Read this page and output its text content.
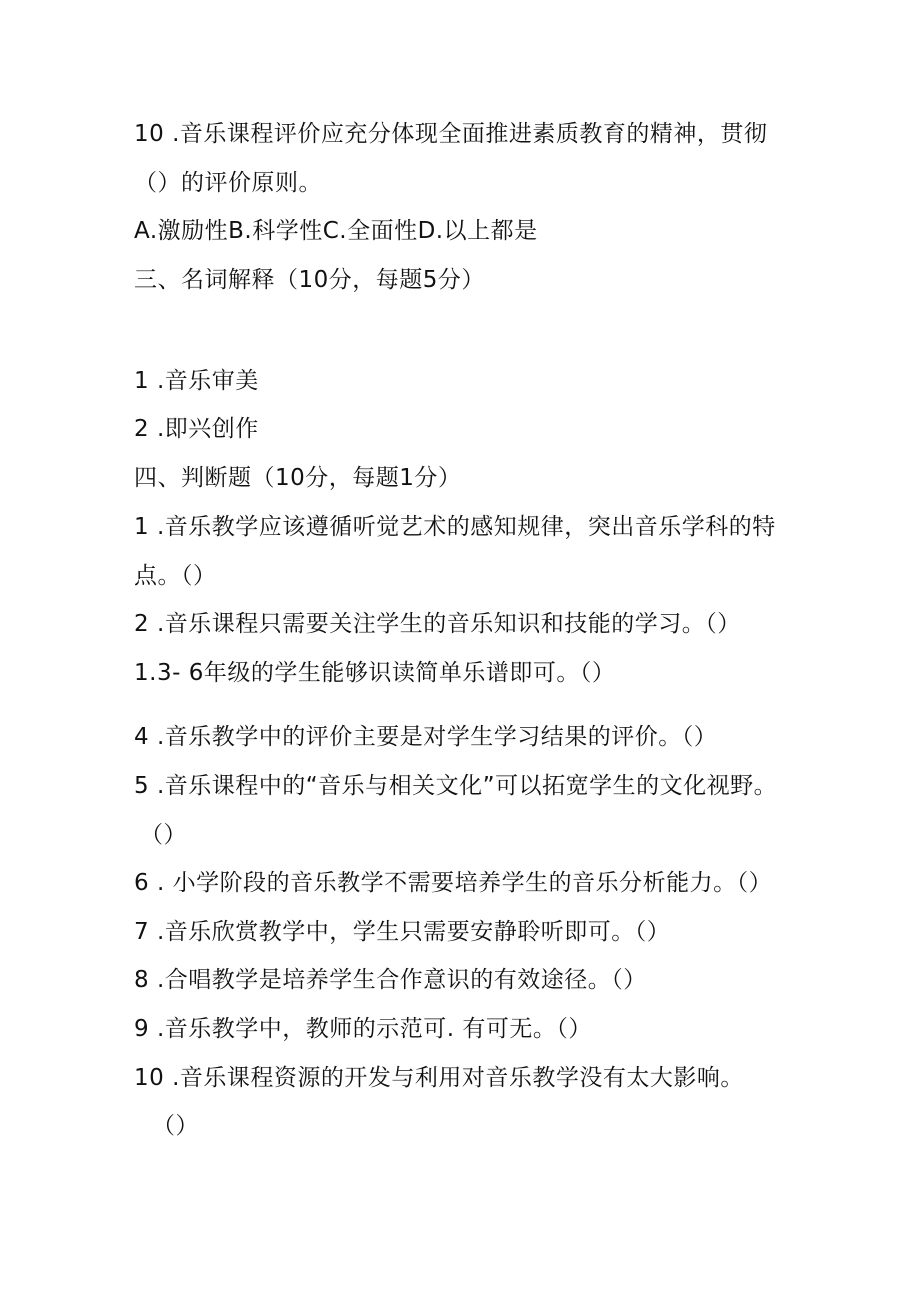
10 .音乐课程评价应充分体现全面推进素质教育的精神，贯彻
（）的评价原则。
A.激励性B.科学性C.全面性D.以上都是
三、名词解释（10分，每题5分）
1 .音乐审美
2 .即兴创作
四、判断题（10分，每题1分）
1 .音乐教学应该遵循听觉艺术的感知规律，突出音乐学科的特
点。（）
2 .音乐课程只需要关注学生的音乐知识和技能的学习。（）
1.3- 6年级的学生能够识读简单乐谱即可。（）
4 .音乐教学中的评价主要是对学生学习结果的评价。（）
5 .音乐课程中的“音乐与相关文化”可以拓宽学生的文化视野。
（）
6 . 小学阶段的音乐教学不需要培养学生的音乐分析能力。（）
7 .音乐欣赏教学中，学生只需要安静聆听即可。（）
8 .合唱教学是培养学生合作意识的有效途径。（）
9 .音乐教学中，教师的示范可. 有可无。（）
10 .音乐课程资源的开发与利用对音乐教学没有太大影响。
（）
